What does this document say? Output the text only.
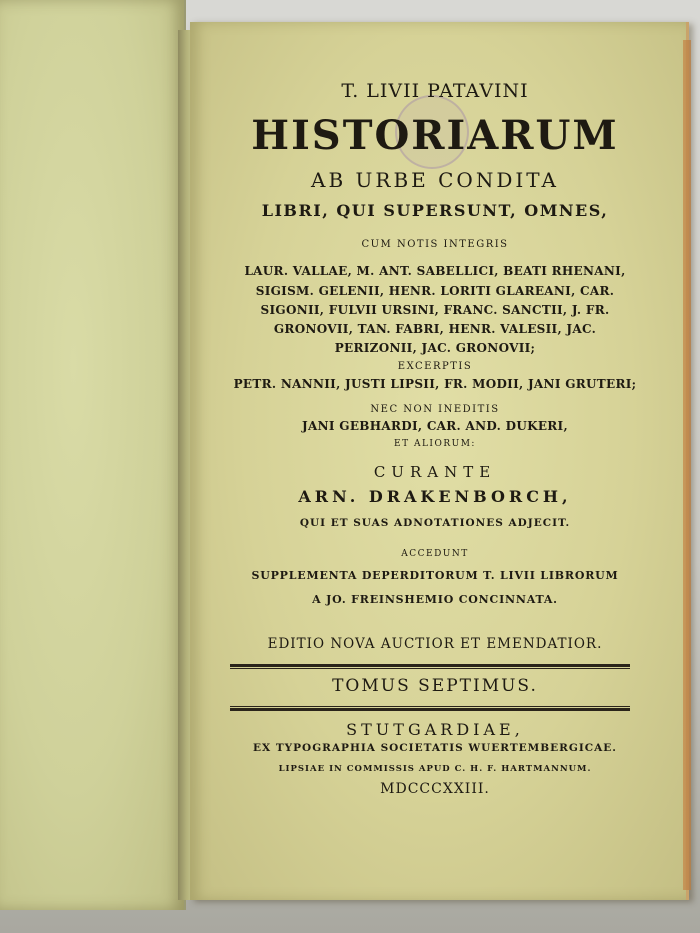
T. LIVII PATAVINI
HISTORIARUM
AB URBE CONDITA
LIBRI, QUI SUPERSUNT, OMNES,
CUM NOTIS INTEGRIS
LAUR. VALLAE, M. ANT. SABELLICI, BEATI RHENANI,
SIGISM. GELENII, HENR. LORITI GLAREANI, CAR.
SIGONII, FULVII URSINI, FRANC. SANCTII, J. FR.
GRONOVII, TAN. FABRI, HENR. VALESII, JAC.
PERIZONII, JAC. GRONOVII;
EXCERPTIS
PETR. NANNII, JUSTI LIPSII, FR. MODII, JANI GRUTERI;
NEC NON INEDITIS
JANI GEBHARDI, CAR. AND. DUKERI,
ET ALIORUM:
CURANTE
ARN. DRAKENBORCH,
QUI ET SUAS ADNOTATIONES ADJECIT.
ACCEDUNT
SUPPLEMENTA DEPERDITORUM T. LIVII LIBRORUM
A JO. FREINSHEMIO CONCINNATA.
EDITIO NOVA AUCTIOR ET EMENDATIOR.
TOMUS SEPTIMUS.
STUTGARDIAE,
EX TYPOGRAPHIA SOCIETATIS WUERTEMBERGICAE.
LIPSIAE IN COMMISSIS APUD C. H. F. HARTMANNUM.
MDCCCXXIII.
